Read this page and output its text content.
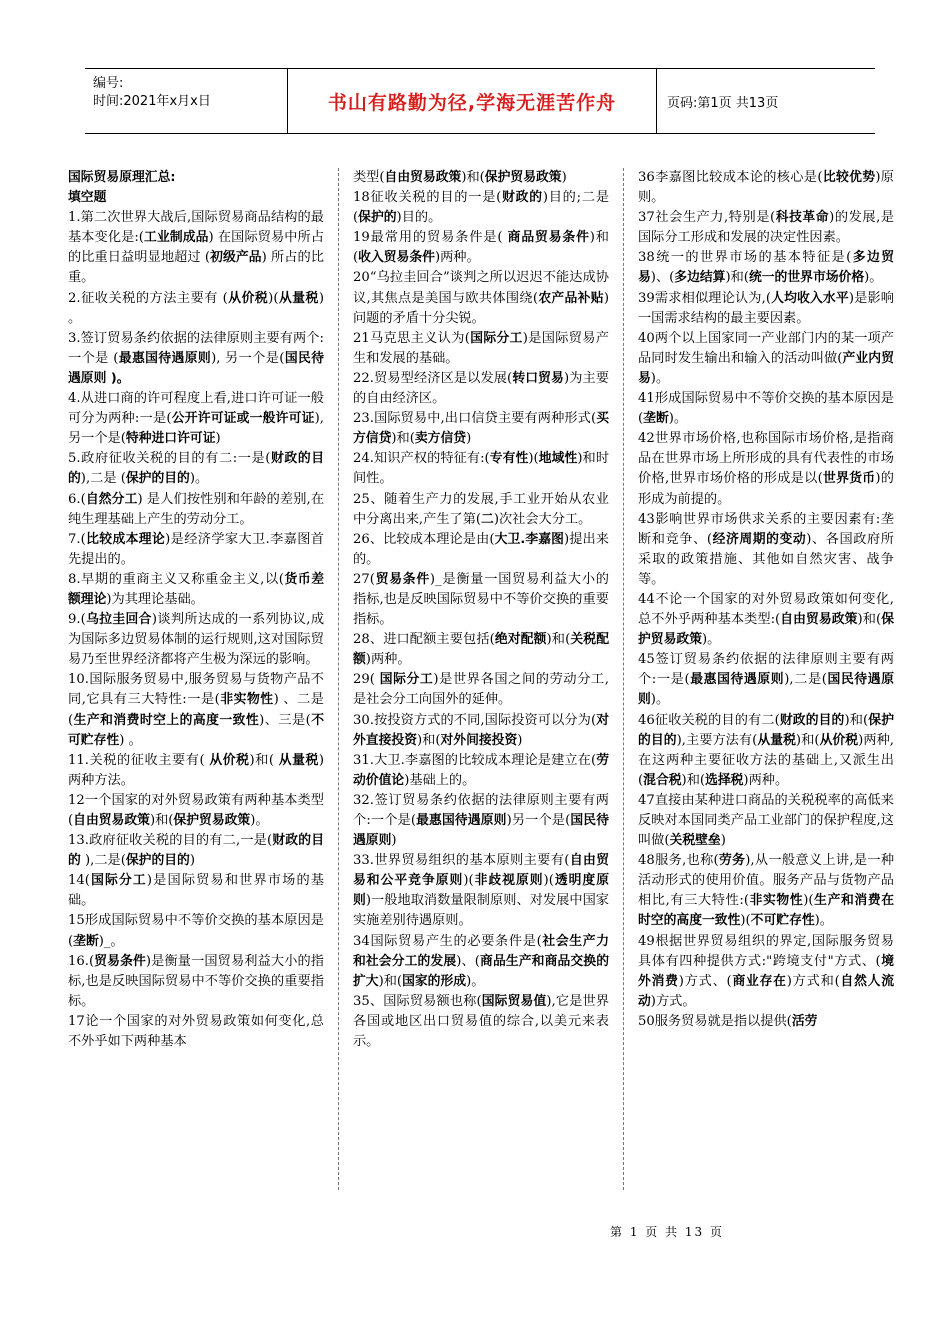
编号:
时间:2021年x月x日	书山有路勤为径,学海无涯苦作舟	页码:第1页 共13页

国际贸易原理汇总:

填空题

1.第二次世界大战后,国际贸易商品结构的最基本变化是:(工业制成品) 在国际贸易中所占的比重日益明显地超过 (初级产品) 所占的比重。

2.征收关税的方法主要有 (从价税)(从量税) 。

3.签订贸易条约依据的法律原则主要有两个:一个是 (最惠国待遇原则), 另一个是(国民待遇原则 )。

4.从进口商的许可程度上看,进口许可证一般可分为两种:一是(公开许可证或一般许可证),另一个是(特种进口许可证)

5.政府征收关税的目的有二:一是(财政的目的),二是 (保护的目的)。

6.(自然分工) 是人们按性别和年龄的差别,在纯生理基础上产生的劳动分工。

7.(比较成本理论)是经济学家大卫.李嘉图首先提出的。

8.早期的重商主义又称重金主义,以(货币差额理论)为其理论基础。

9.(乌拉圭回合)谈判所达成的一系列协议,成为国际多边贸易体制的运行规则,这对国际贸易乃至世界经济都将产生极为深远的影响。

10.国际服务贸易中,服务贸易与货物产品不同,它具有三大特性:一是(非实物性) 、二是(生产和消费时空上的高度一致性)、三是(不可贮存性) 。

11.关税的征收主要有( 从价税)和( 从量税)两种方法。

12一个国家的对外贸易政策有两种基本类型(自由贸易政策)和(保护贸易政策)。

13.政府征收关税的目的有二,一是(财政的目的 ),二是(保护的目的)

14(国际分工)是国际贸易和世界市场的基础。

15形成国际贸易中不等价交换的基本原因是(垄断)_。

16.(贸易条件)是衡量一国贸易利益大小的指标,也是反映国际贸易中不等价交换的重要指标。

17论一个国家的对外贸易政策如何变化,总不外乎如下两种基本

类型(自由贸易政策)和(保护贸易政策)

18征收关税的目的一是(财政的)目的;二是(保护的)目的。

19最常用的贸易条件是( 商品贸易条件)和(收入贸易条件)两种。

20“乌拉圭回合”谈判之所以迟迟不能达成协议,其焦点是美国与欧共体围绕(农产品补贴)问题的矛盾十分尖锐。

21马克思主义认为(国际分工)是国际贸易产生和发展的基础。

22.贸易型经济区是以发展(转口贸易)为主要的自由经济区。

23.国际贸易中,出口信贷主要有两种形式(买方信贷)和(卖方信贷)

24.知识产权的特征有:(专有性)(地域性)和时间性。

25、随着生产力的发展,手工业开始从农业中分离出来,产生了第(二)次社会大分工。

26、比较成本理论是由(大卫.李嘉图)提出来的。

27(贸易条件)_是衡量一国贸易利益大小的指标,也是反映国际贸易中不等价交换的重要指标。

28、进口配额主要包括(绝对配额)和(关税配额)两种。

29( 国际分工)是世界各国之间的劳动分工,是社会分工向国外的延伸。

30.按投资方式的不同,国际投资可以分为(对外直接投资)和(对外间接投资)

31.大卫.李嘉图的比较成本理论是建立在(劳动价值论)基础上的。

32.签订贸易条约依据的法律原则主要有两个:一个是(最惠国待遇原则)另一个是(国民待遇原则)

33.世界贸易组织的基本原则主要有(自由贸易和公平竞争原则)(非歧视原则)(透明度原则)一般地取消数量限制原则、对发展中国家实施差别待遇原则。

34国际贸易产生的必要条件是(社会生产力和社会分工的发展)、(商品生产和商品交换的扩大)和(国家的形成)。

35、国际贸易额也称(国际贸易值),它是世界各国或地区出口贸易值的综合,以美元来表示。

36李嘉图比较成本论的核心是(比较优势)原则。

37社会生产力,特别是(科技革命)的发展,是国际分工形成和发展的决定性因素。

38统一的世界市场的基本特征是(多边贸易)、(多边结算)和(统一的世界市场价格)。

39需求相似理论认为,(人均收入水平)是影响一国需求结构的最主要因素。

40两个以上国家同一产业部门内的某一项产品同时发生输出和输入的活动叫做(产业内贸易)。

41形成国际贸易中不等价交换的基本原因是(垄断)。

42世界市场价格,也称国际市场价格,是指商品在世界市场上所形成的具有代表性的市场价格,世界市场价格的形成是以(世界货币)的形成为前提的。

43影响世界市场供求关系的主要因素有:垄断和竞争、(经济周期的变动)、各国政府所采取的政策措施、其他如自然灾害、战争等。

44不论一个国家的对外贸易政策如何变化,总不外乎两种基本类型:(自由贸易政策)和(保护贸易政策)。

45签订贸易条约依据的法律原则主要有两个:一是(最惠国待遇原则),二是(国民待遇原则)。

46征收关税的目的有二(财政的目的)和(保护的目的),主要方法有(从量税)和(从价税)两种,在这两种主要征收方法的基础上,又派生出(混合税)和(选择税)两种。

47直接由某种进口商品的关税税率的高低来反映对本国同类产品工业部门的保护程度,这叫做(关税壁垒)

48服务,也称(劳务),从一般意义上讲,是一种活动形式的使用价值。服务产品与货物产品相比,有三大特性:(非实物性)(生产和消费在时空的高度一致性)(不可贮存性)。

49根据世界贸易组织的界定,国际服务贸易具体有四种提供方式:"跨境支付"方式、(境外消费)方式、(商业存在)方式和(自然人流动)方式。

50服务贸易就是指以提供(活劳

第 1 页 共 13 页
